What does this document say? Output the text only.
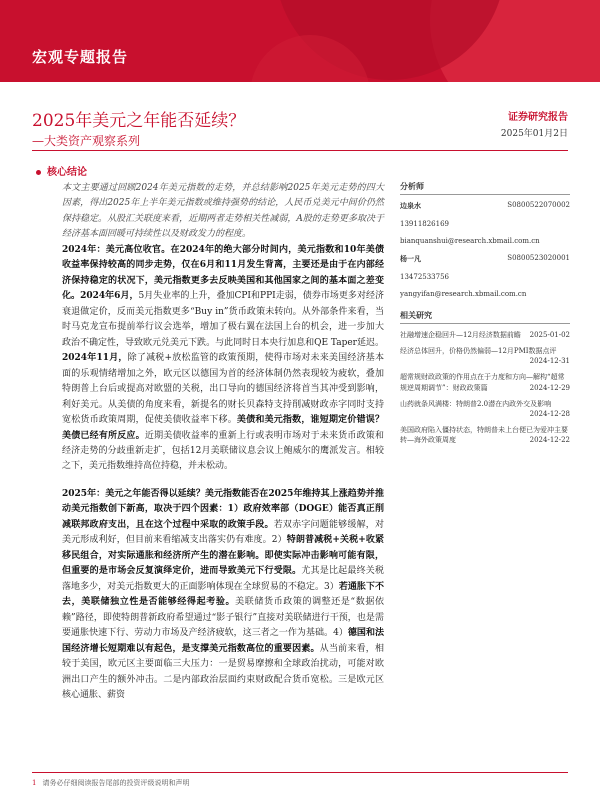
宏观专题报告
2025年美元之年能否延续？
—大类资产观察系列
证券研究报告
2025年01月2日
核心结论

本文主要通过回顾2024年美元指数的走势，并总结影响2025年美元走势的四大因素，得出2025年上半年美元指数或维持强势的结论，人民币兑美元中间价仍然保持稳定。从股汇关联度来看，近期两者走势相关性减弱，A股的走势更多取决于经济基本面回暖可持续性以及财政发力的程度。

2024年：美元高位收官。在2024年的绝大部分时间内，美元指数和10年美债收益率保持较高的同步走势，仅在6月和11月发生背离，主要还是由于在内部经济保持稳定的状况下，美元指数更多去反映美国和其他国家之间的基本面之差变化。2024年6月，5月失业率的上升，叠加CPI和PPI走弱，债券市场更多对经济衰退做定价，反而美元指数更多“Buy in”货币政策未转向。从外部条件来看，当时马克龙宣布提前举行议会选举，增加了极右翼在法国上台的机会，进一步加大政治不确定性，导致欧元兑美元下跌。与此同时日本央行加息和QE Taper延迟。2024年11月，除了减税+放松监管的政策预期，使得市场对未来美国经济基本面的乐观情绪增加之外，欧元区以德国为首的经济体制仍然表现较为疲软，叠加特朗普上台后或提高对欧盟的关税，出口导向的德国经济将首当其冲受到影响，利好美元。从美债的角度来看，新提名的财长贝森特支持削减财政赤字同时支持宽松货币政策周期，促使美债收益率下移。美债和美元指数，谁短期定价错误？美债已经有所反应。近期美债收益率的重新上行或表明市场对于未来货币政策和经济走势的分歧重新走扩，包括12月美联储议息会议上鲍威尔的鹰派发言。相较之下，美元指数维持高位持稳，并未松动。

2025年：美元之年能否得以延续？美元指数能否在2025年维持其上涨趋势并推动美元指数创下新高，取决于四个因素：1）政府效率部（DOGE）能否真正削减联邦政府支出，且在这个过程中采取的政策手段。若双赤字问题能够缓解，对美元形成利好，但目前来看缩减支出落实仍有难度。2）特朗普减税+关税+收紧移民组合，对实际通胀和经济所产生的潜在影响。即使实际冲击影响可能有限，但重要的是市场会反复演绎定价，进而导致美元下行受限。尤其是比起最终关税落地多少，对美元指数更大的正面影响体现在全球贸易的不稳定。3）若通胀下不去，美联储独立性是否能够经得起考验。美联储货币政策的调整还是“数据依赖”路径，即使特朗普新政府希望通过“影子银行”直接对美联储进行干预，也是需要通胀快速下行、劳动力市场及产经济疲软，这三者之一作为基础。4）德国和法国经济增长短期难以有起色，是支撑美元指数高位的重要因素。从当前来看，相较于美国，欧元区主要面临三大压力：一是贸易摩擦和全球政治扰动，可能对欧洲出口产生的额外冲击。二是内部政治层面约束财政配合货币宽松。三是欧元区核心通胀、薪资

分析师
边泉水	S0800522070002
13911826169
bianquanshui@research.xbmail.com.cn
杨一凡	S0800523020001
13472533756
yangyifan@research.xbmail.com.cn
相关研究
社融增速企稳回升—12月经济数据前瞻 2025-01-02
经济总体回升，价格仍然偏弱—12月PMI数据点评
2024-12-31
超常规财政政策的作用点在于力度和方向—解构“超常规逆周期调节”：财政政策篇	2024-12-29
山药就条风满楼：特朗普2.0潜在内政外交及影响
2024-12-28
美国政府陷入僵持状态，特朗普未上台便已为爱冲主要转—海外政策周度	2024-12-22
1 请务必仔细阅读报告尾部的投资评级说明和声明
